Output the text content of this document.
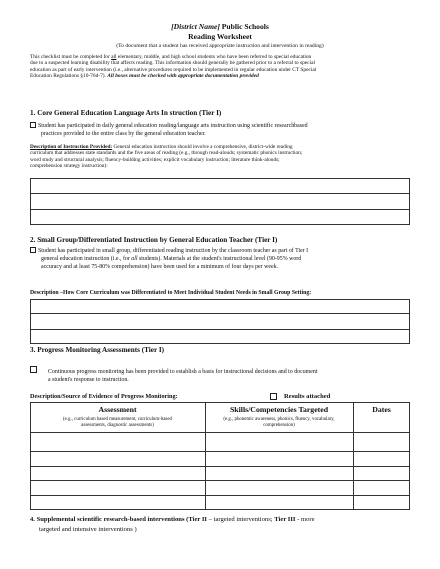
[District Name] Public Schools
Reading Worksheet
(To document that a student has received appropriate instruction and intervention in reading)
This checklist must be completed for all elementary, middle, and high school students who have been referred to special education
due to a suspected learning disability that affects reading. This information should generally be gathered prior to a referral to special
education as part of early intervention (i.e., alternative procedures required to be implemented in regular education under CT Special
Education Regulations §10-76d-7). All boxes must be checked with appropriate documentation provided
1. Core General Education Language Arts In struction (Tier I)
Student has participated in daily general education reading/language arts instruction using scientific researchbased
practices provided to the entire class by the general education teacher.
Description of Instruction Provided: General education instruction should involve a comprehensive, district-wide reading
curriculum that addresses state standards and the five areas of reading (e.g., through read-alouds; systematic phonics instruction;
word study and structural analysis; fluency-building activities; explicit vocabulary instruction; literature think-alouds;
comprehension strategy instruction):
2. Small Group/Differentiated Instruction by General Education Teacher (Tier I)
Student has participated in small group, differentiated reading instruction by the classroom teacher as part of Tier I
general education instruction (i.e., for all students). Materials at the student's instructional level (90-95% word
accuracy and at least 75-80% comprehension) have been used for a minimum of four days per week.
Description –How Core Curriculum was Differentiated to Meet Individual Student Needs in Small Group Setting:
3. Progress Monitoring Assessments (Tier I)
Continuous progress monitoring has been provided to establish a basis for instructional decisions and to document
a student's response to instruction.
Description/Source of Evidence of Progress Monitoring:	Results attached
Assessment	Skills/Competencies Targeted	Dates
(e.g., curriculum based measurement, curriculum-based assessments, diagnostic assessments)
(e.g., phonemic awareness, phonics, fluency, vocabulary, comprehension)
4. Supplemental scientific research-based interventions (Tier II – targeted interventions; Tier III - more
targeted and intensive interventions )
